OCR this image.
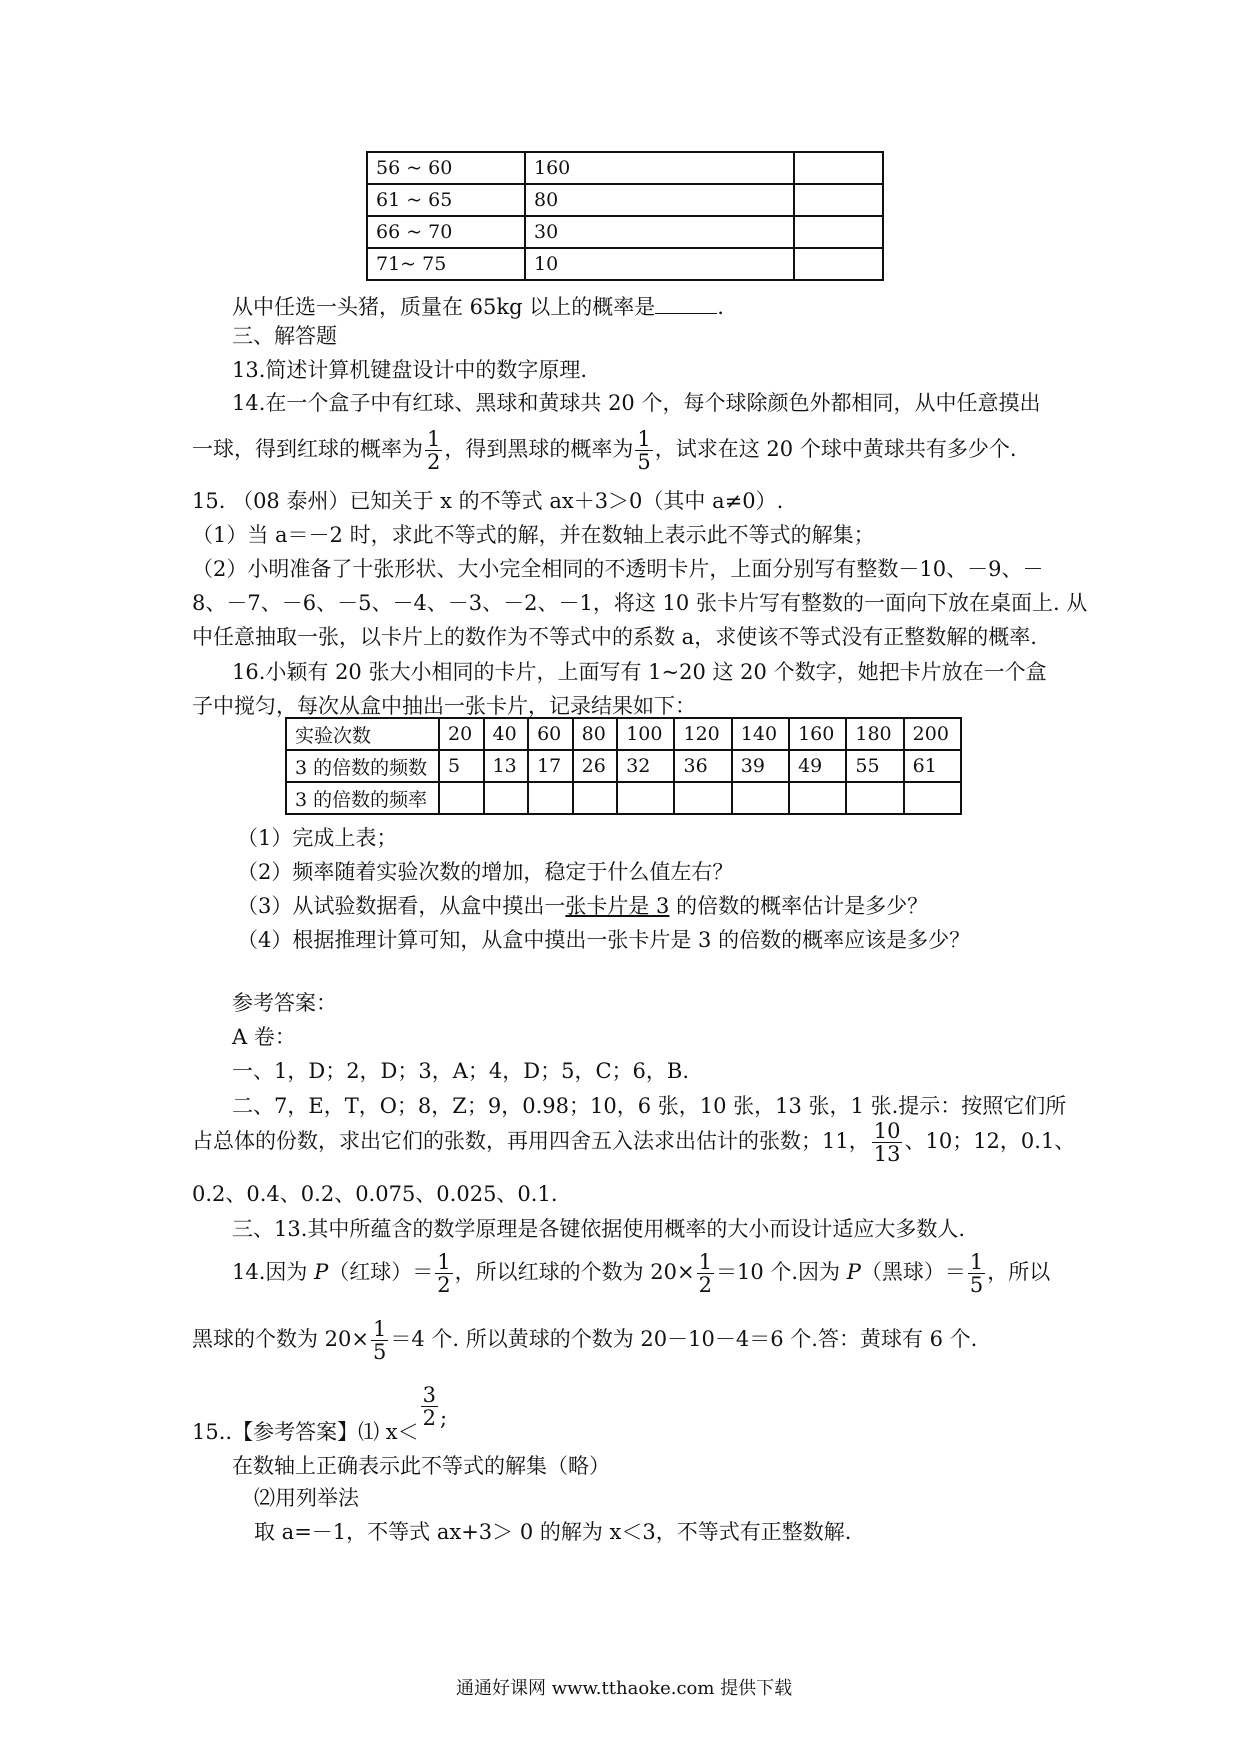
56 ~ 60	160	
61 ~ 65	80	
66 ~ 70	30	
71~ 75	10	
从中任选一头猪，质量在 65kg 以上的概率是	.
三、解答题
13.简述计算机键盘设计中的数字原理.
14.在一个盒子中有红球、黑球和黄球共 20 个，每个球除颜色外都相同，从中任意摸出
一球，得到红球的概率为 $\frac{1}{2}$ ，得到黑球的概率为 $\frac{1}{5}$ ，试求在这 20 个球中黄球共有多少个.
15. （08 泰州）已知关于 x 的不等式 ax＋3＞0（其中 a≠0）.
（1）当 a＝－2 时，求此不等式的解，并在数轴上表示此不等式的解集；
（2）小明准备了十张形状、大小完全相同的不透明卡片，上面分别写有整数－10、－9、－
8、－7、－6、－5、－4、－3、－2、－1，将这 10 张卡片写有整数的一面向下放在桌面上. 从
中任意抽取一张，以卡片上的数作为不等式中的系数 a，求使该不等式没有正整数解的概率.
16.小颖有 20 张大小相同的卡片，上面写有 1~20 这 20 个数字，她把卡片放在一个盒
子中搅匀，每次从盒中抽出一张卡片，记录结果如下：
实验次数	20	40	60	80	100	120	140	160	180	200
3 的倍数的频数	5	13	17	26	32	36	39	49	55	61
3 的倍数的频率										
（1）完成上表；
（2）频率随着实验次数的增加，稳定于什么值左右？
（3）从试验数据看，从盒中摸出一张卡片是 3 的倍数的概率估计是多少？
（4）根据推理计算可知，从盒中摸出一张卡片是 3 的倍数的概率应该是多少？
参考答案：
A 卷：
一、1，D；2，D；3，A；4，D；5，C；6，B.
二、7，E，T，O；8，Z；9，0.98；10，6 张，10 张，13 张，1 张.提示：按照它们所
占总体的份数，求出它们的张数，再用四舍五入法求出估计的张数；11， $\frac{10}{13}$ 、10；12，0.1、
0.2、0.4、0.2、0.075、0.025、0.1.
三、13.其中所蕴含的数学原理是各键依据使用概率的大小而设计适应大多数人.
14.因为 P（红球）＝ $\frac{1}{2}$ ，所以红球的个数为 $20\times \frac{1}{2} =10$ 个.因为 P（黑球）＝ $\frac{1}{5}$ ，所以
黑球的个数为 $20\times \frac{1}{5} =4$ 个. 所以黄球的个数为 20－10－4＝6 个.答：黄球有 6 个.
15..【参考答案】⑴ x＜
$\frac{3}{2}$ ;
在数轴上正确表示此不等式的解集（略）
⑵用列举法
取 a=－1，不等式 ax+3＞ 0 的解为 x＜3，不等式有正整数解.
通通好课网 www.tthaoke.com 提供下载
